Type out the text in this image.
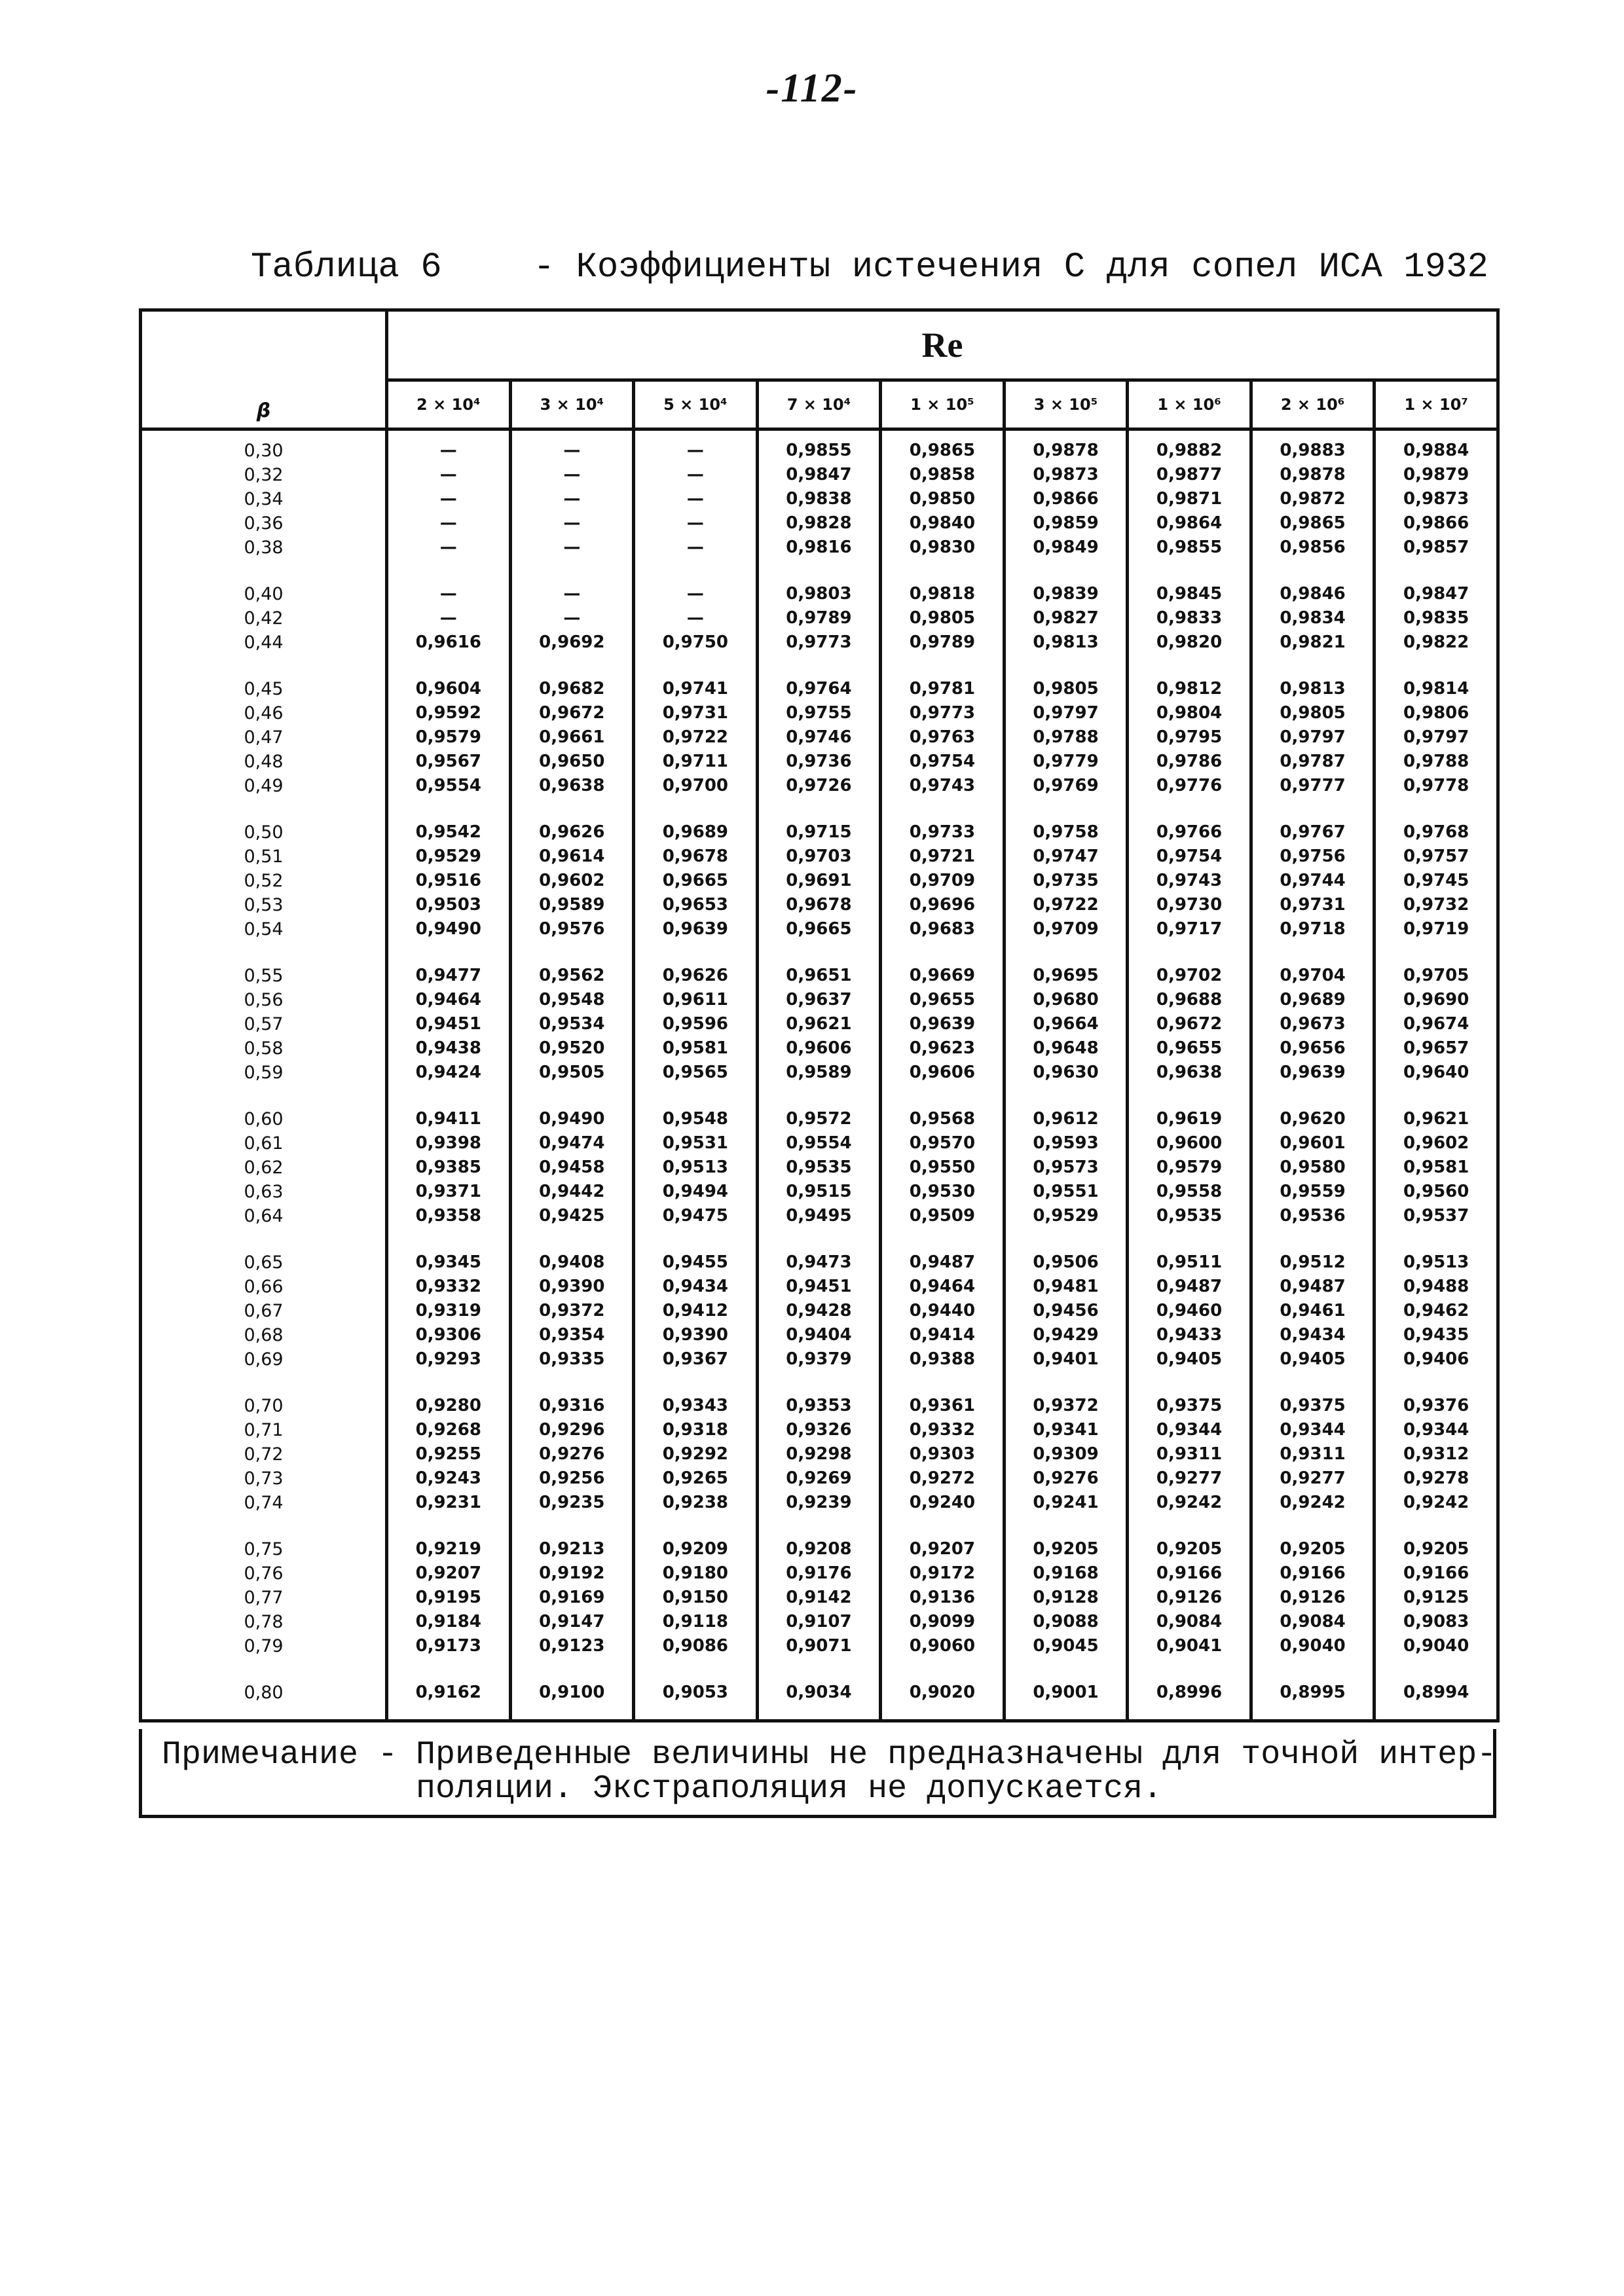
-112-
Таблица 6	- Коэффициенты истечения С для сопел ИСА 1932
β	Re								
	2 × 10⁴	3 × 10⁴	5 × 10⁴	7 × 10⁴	1 × 10⁵	3 × 10⁵	1 × 10⁶	2 × 10⁶	1 × 10⁷

0,30	—	—	—	0,9855	0,9865	0,9878	0,9882	0,9883	0,9884
0,32	—	—	—	0,9847	0,9858	0,9873	0,9877	0,9878	0,9879
0,34	—	—	—	0,9838	0,9850	0,9866	0,9871	0,9872	0,9873
0,36	—	—	—	0,9828	0,9840	0,9859	0,9864	0,9865	0,9866
0,38	—	—	—	0,9816	0,9830	0,9849	0,9855	0,9856	0,9857

0,40	—	—	—	0,9803	0,9818	0,9839	0,9845	0,9846	0,9847
0,42	—	—	—	0,9789	0,9805	0,9827	0,9833	0,9834	0,9835
0,44	0,9616	0,9692	0,9750	0,9773	0,9789	0,9813	0,9820	0,9821	0,9822

0,45	0,9604	0,9682	0,9741	0,9764	0,9781	0,9805	0,9812	0,9813	0,9814
0,46	0,9592	0,9672	0,9731	0,9755	0,9773	0,9797	0,9804	0,9805	0,9806
0,47	0,9579	0,9661	0,9722	0,9746	0,9763	0,9788	0,9795	0,9797	0,9797
0,48	0,9567	0,9650	0,9711	0,9736	0,9754	0,9779	0,9786	0,9787	0,9788
0,49	0,9554	0,9638	0,9700	0,9726	0,9743	0,9769	0,9776	0,9777	0,9778

0,50	0,9542	0,9626	0,9689	0,9715	0,9733	0,9758	0,9766	0,9767	0,9768
0,51	0,9529	0,9614	0,9678	0,9703	0,9721	0,9747	0,9754	0,9756	0,9757
0,52	0,9516	0,9602	0,9665	0,9691	0,9709	0,9735	0,9743	0,9744	0,9745
0,53	0,9503	0,9589	0,9653	0,9678	0,9696	0,9722	0,9730	0,9731	0,9732
0,54	0,9490	0,9576	0,9639	0,9665	0,9683	0,9709	0,9717	0,9718	0,9719

0,55	0,9477	0,9562	0,9626	0,9651	0,9669	0,9695	0,9702	0,9704	0,9705
0,56	0,9464	0,9548	0,9611	0,9637	0,9655	0,9680	0,9688	0,9689	0,9690
0,57	0,9451	0,9534	0,9596	0,9621	0,9639	0,9664	0,9672	0,9673	0,9674
0,58	0,9438	0,9520	0,9581	0,9606	0,9623	0,9648	0,9655	0,9656	0,9657
0,59	0,9424	0,9505	0,9565	0,9589	0,9606	0,9630	0,9638	0,9639	0,9640

0,60	0,9411	0,9490	0,9548	0,9572	0,9568	0,9612	0,9619	0,9620	0,9621
0,61	0,9398	0,9474	0,9531	0,9554	0,9570	0,9593	0,9600	0,9601	0,9602
0,62	0,9385	0,9458	0,9513	0,9535	0,9550	0,9573	0,9579	0,9580	0,9581
0,63	0,9371	0,9442	0,9494	0,9515	0,9530	0,9551	0,9558	0,9559	0,9560
0,64	0,9358	0,9425	0,9475	0,9495	0,9509	0,9529	0,9535	0,9536	0,9537

0,65	0,9345	0,9408	0,9455	0,9473	0,9487	0,9506	0,9511	0,9512	0,9513
0,66	0,9332	0,9390	0,9434	0,9451	0,9464	0,9481	0,9487	0,9487	0,9488
0,67	0,9319	0,9372	0,9412	0,9428	0,9440	0,9456	0,9460	0,9461	0,9462
0,68	0,9306	0,9354	0,9390	0,9404	0,9414	0,9429	0,9433	0,9434	0,9435
0,69	0,9293	0,9335	0,9367	0,9379	0,9388	0,9401	0,9405	0,9405	0,9406

0,70	0,9280	0,9316	0,9343	0,9353	0,9361	0,9372	0,9375	0,9375	0,9376
0,71	0,9268	0,9296	0,9318	0,9326	0,9332	0,9341	0,9344	0,9344	0,9344
0,72	0,9255	0,9276	0,9292	0,9298	0,9303	0,9309	0,9311	0,9311	0,9312
0,73	0,9243	0,9256	0,9265	0,9269	0,9272	0,9276	0,9277	0,9277	0,9278
0,74	0,9231	0,9235	0,9238	0,9239	0,9240	0,9241	0,9242	0,9242	0,9242

0,75	0,9219	0,9213	0,9209	0,9208	0,9207	0,9205	0,9205	0,9205	0,9205
0,76	0,9207	0,9192	0,9180	0,9176	0,9172	0,9168	0,9166	0,9166	0,9166
0,77	0,9195	0,9169	0,9150	0,9142	0,9136	0,9128	0,9126	0,9126	0,9125
0,78	0,9184	0,9147	0,9118	0,9107	0,9099	0,9088	0,9084	0,9084	0,9083
0,79	0,9173	0,9123	0,9086	0,9071	0,9060	0,9045	0,9041	0,9040	0,9040

0,80	0,9162	0,9100	0,9053	0,9034	0,9020	0,9001	0,8996	0,8995	0,8994

Примечание - Приведенные величины не предназначены для точной интер-
поляции. Экстраполяция не допускается.
